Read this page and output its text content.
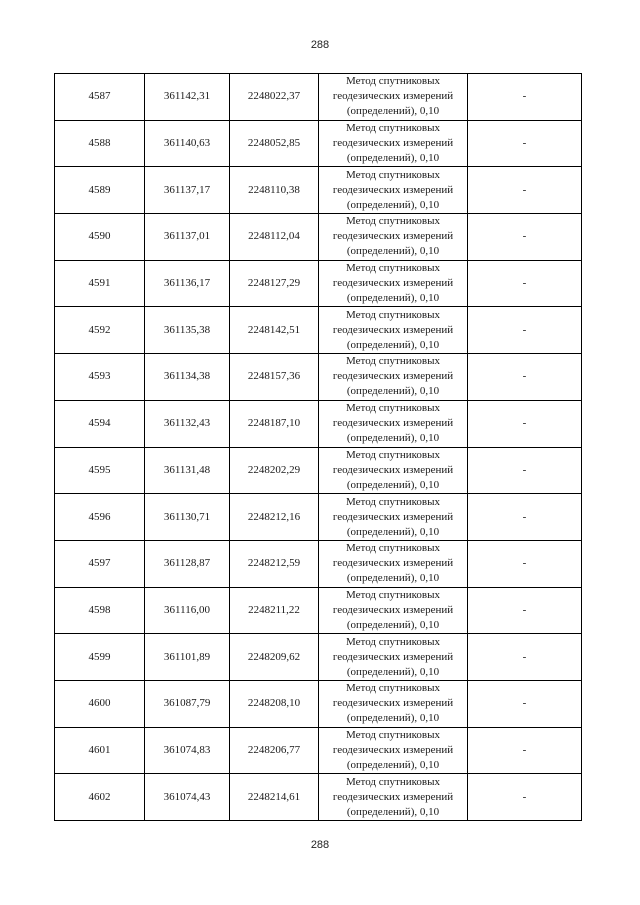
288
4587	361142,31	2248022,37	Метод спутниковых
геодезических измерений
(определений), 0,10	-
4588	361140,63	2248052,85	Метод спутниковых
геодезических измерений
(определений), 0,10	-
4589	361137,17	2248110,38	Метод спутниковых
геодезических измерений
(определений), 0,10	-
4590	361137,01	2248112,04	Метод спутниковых
геодезических измерений
(определений), 0,10	-
4591	361136,17	2248127,29	Метод спутниковых
геодезических измерений
(определений), 0,10	-
4592	361135,38	2248142,51	Метод спутниковых
геодезических измерений
(определений), 0,10	-
4593	361134,38	2248157,36	Метод спутниковых
геодезических измерений
(определений), 0,10	-
4594	361132,43	2248187,10	Метод спутниковых
геодезических измерений
(определений), 0,10	-
4595	361131,48	2248202,29	Метод спутниковых
геодезических измерений
(определений), 0,10	-
4596	361130,71	2248212,16	Метод спутниковых
геодезических измерений
(определений), 0,10	-
4597	361128,87	2248212,59	Метод спутниковых
геодезических измерений
(определений), 0,10	-
4598	361116,00	2248211,22	Метод спутниковых
геодезических измерений
(определений), 0,10	-
4599	361101,89	2248209,62	Метод спутниковых
геодезических измерений
(определений), 0,10	-
4600	361087,79	2248208,10	Метод спутниковых
геодезических измерений
(определений), 0,10	-
4601	361074,83	2248206,77	Метод спутниковых
геодезических измерений
(определений), 0,10	-
4602	361074,43	2248214,61	Метод спутниковых
геодезических измерений
(определений), 0,10	-
288
